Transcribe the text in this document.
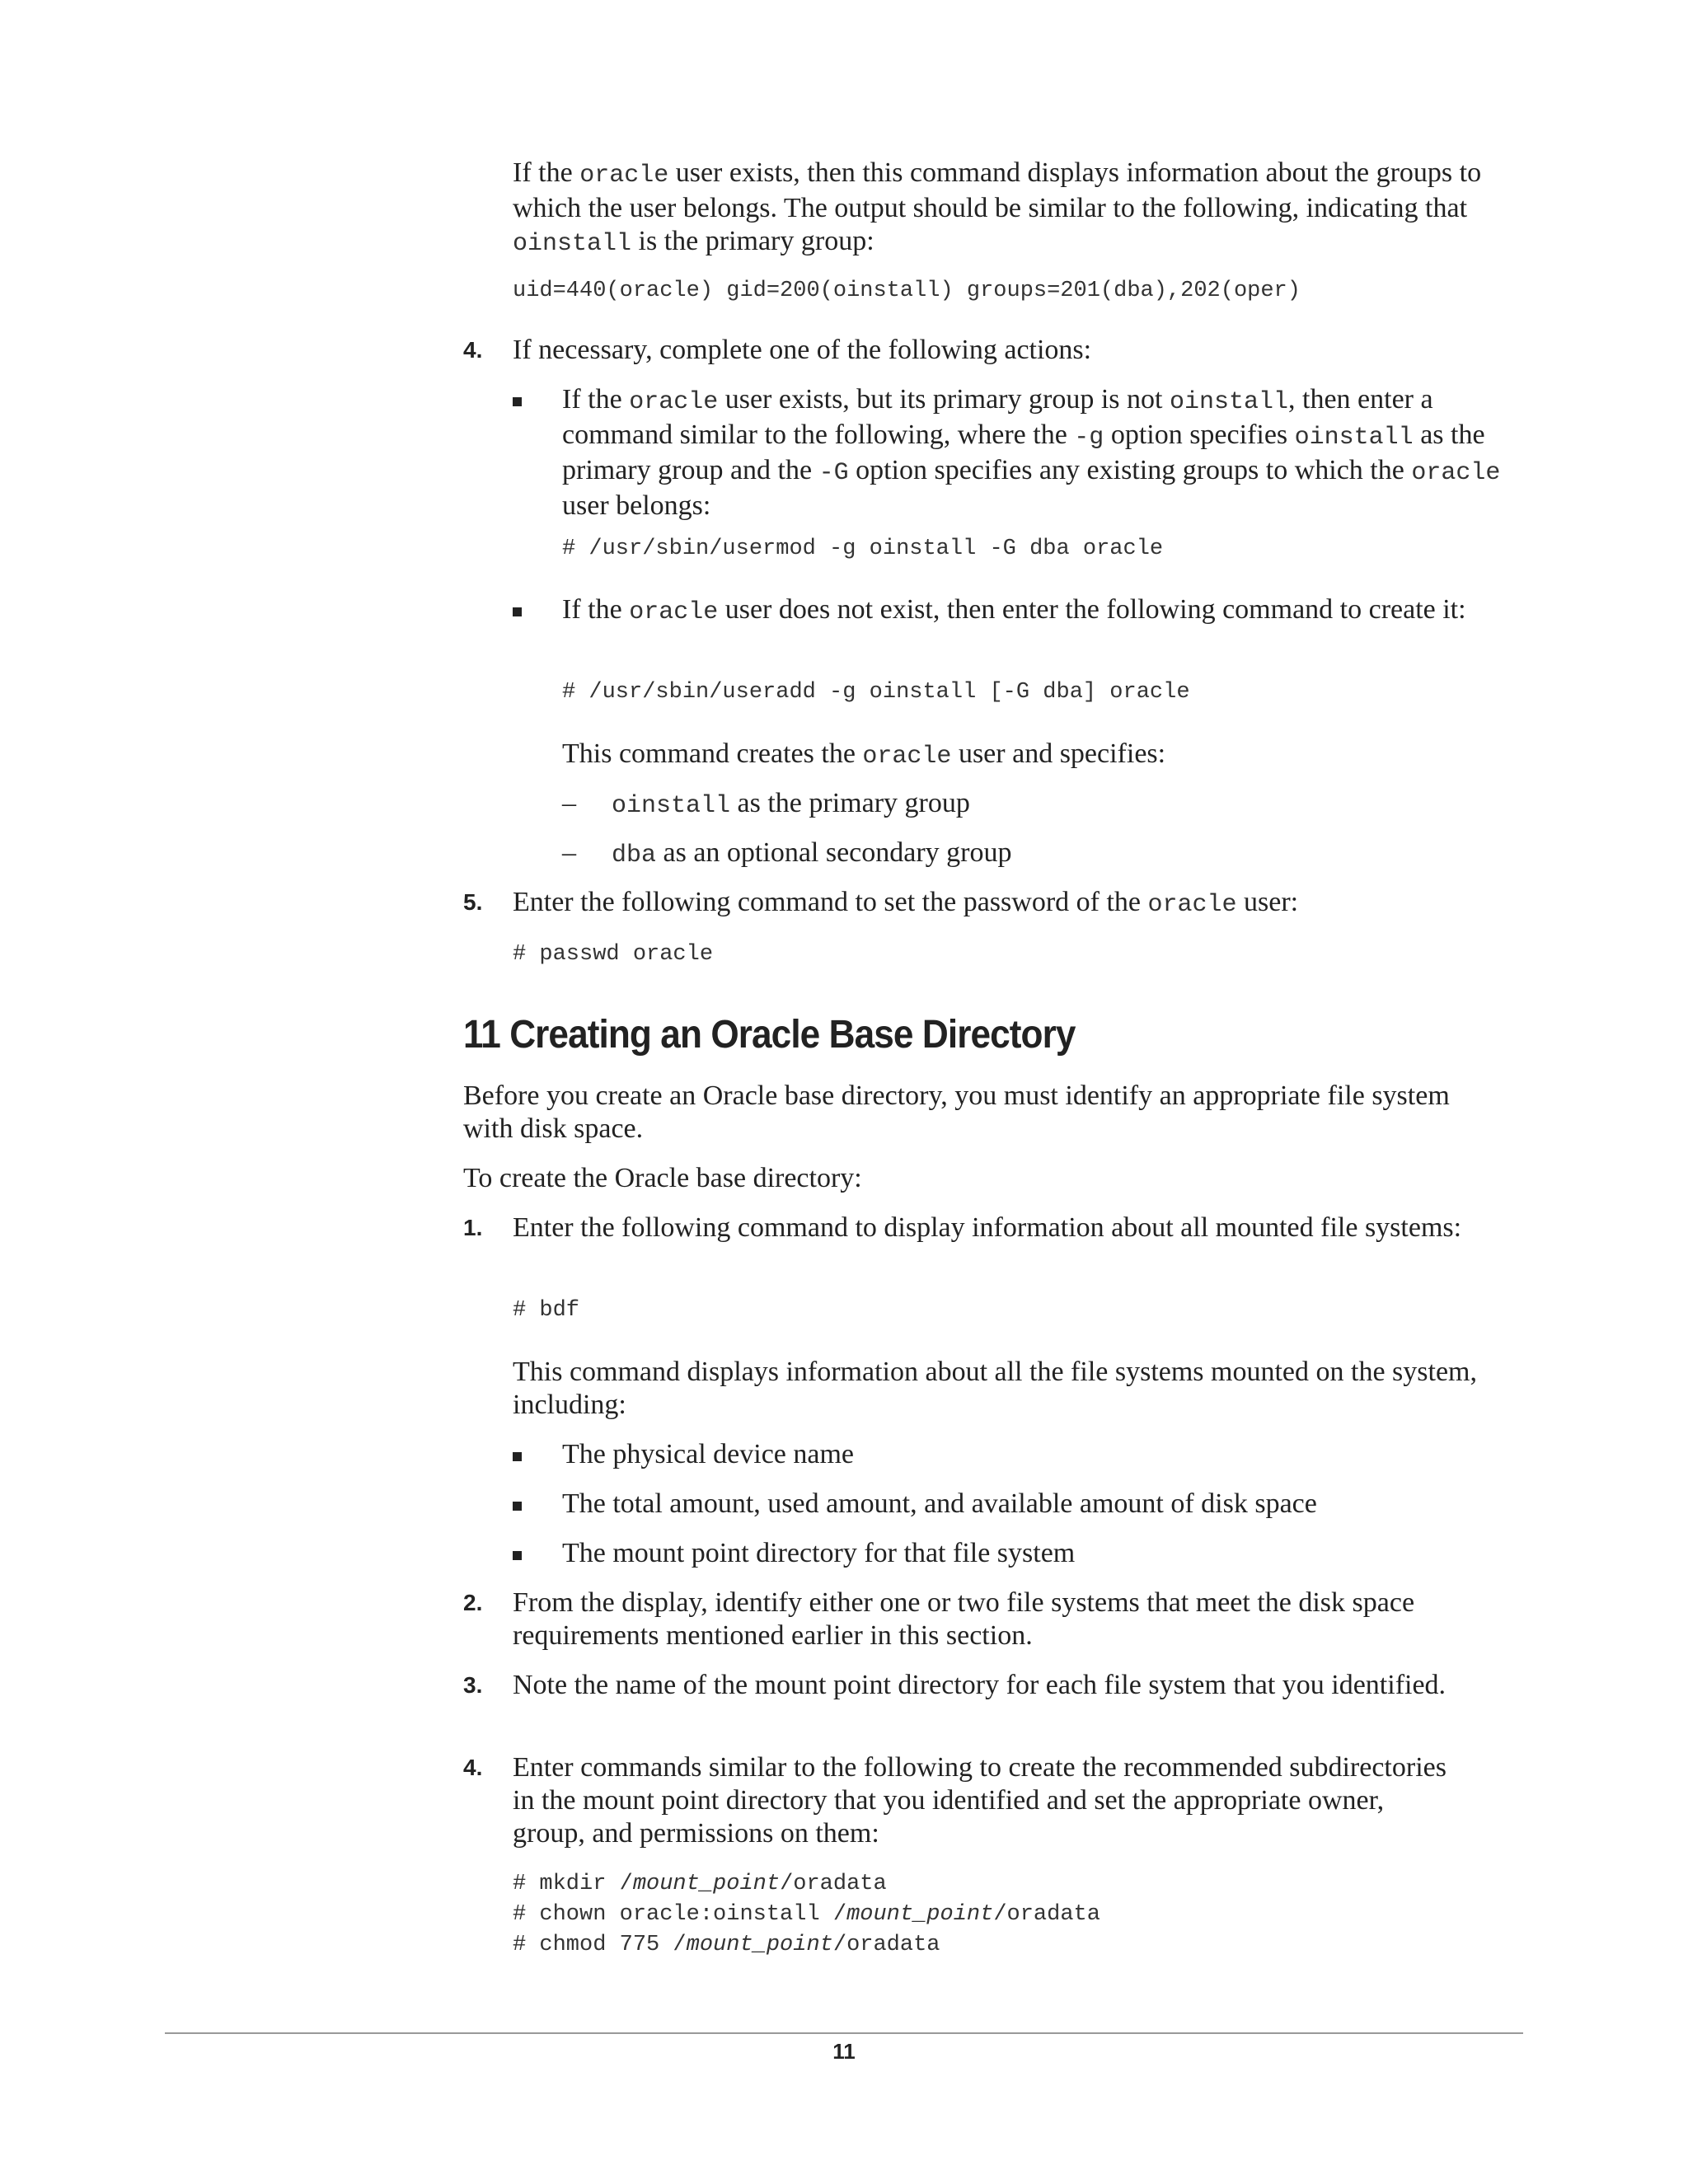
If the oracle user exists, then this command displays information about the groups to which the user belongs. The output should be similar to the following, indicating that oinstall is the primary group:

uid=440(oracle) gid=200(oinstall) groups=201(dba),202(oper)
4. If necessary, complete one of the following actions:

If the oracle user exists, but its primary group is not oinstall, then enter a command similar to the following, where the -g option specifies oinstall as the primary group and the -G option specifies any existing groups to which the oracle user belongs:

# /usr/sbin/usermod -g oinstall -G dba oracle

If the oracle user does not exist, then enter the following command to create it:

# /usr/sbin/useradd -g oinstall [-G dba] oracle

This command creates the oracle user and specifies:

– oinstall as the primary group

– dba as an optional secondary group

5. Enter the following command to set the password of the oracle user:

# passwd oracle
11 Creating an Oracle Base Directory

Before you create an Oracle base directory, you must identify an appropriate file system with disk space.

To create the Oracle base directory:

1. Enter the following command to display information about all mounted file systems:

# bdf

This command displays information about all the file systems mounted on the system, including:

The physical device name

The total amount, used amount, and available amount of disk space

The mount point directory for that file system

2. From the display, identify either one or two file systems that meet the disk space requirements mentioned earlier in this section.

3. Note the name of the mount point directory for each file system that you identified.

4. Enter commands similar to the following to create the recommended subdirectories in the mount point directory that you identified and set the appropriate owner, group, and permissions on them:

# mkdir /mount_point/oradata
# chown oracle:oinstall /mount_point/oradata
# chmod 775 /mount_point/oradata
11
